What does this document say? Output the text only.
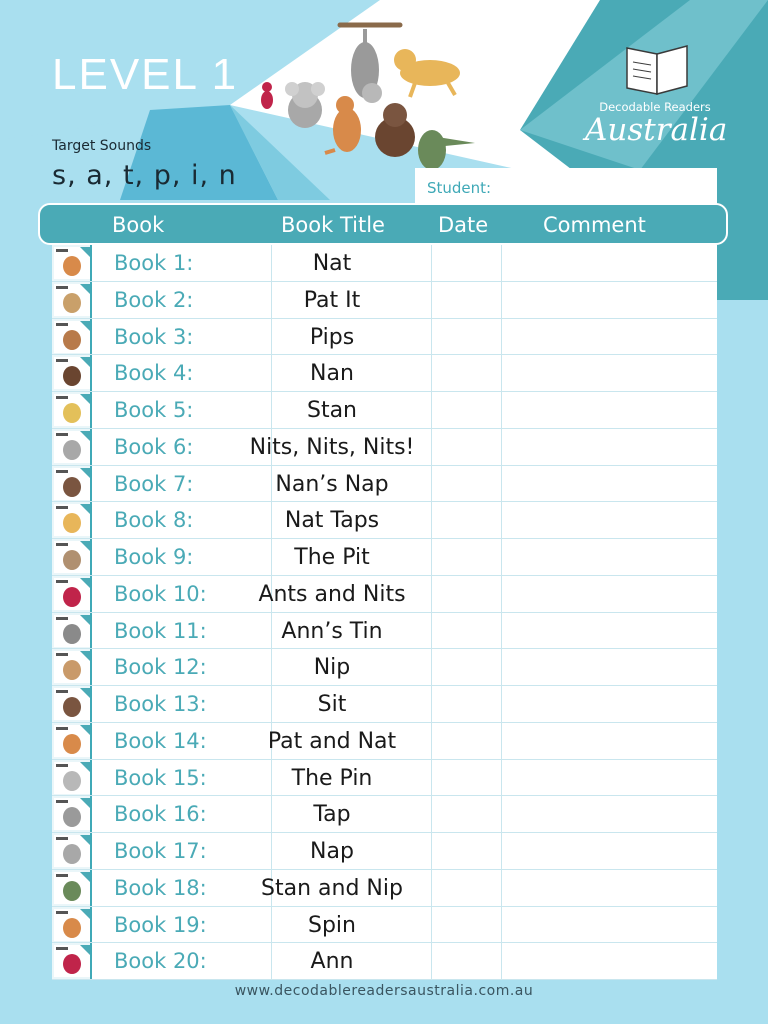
LEVEL 1
Target Sounds
s, a, t, p, i, n
Decodable Readers
Australia
Student:
Book	Book Title	Date	Comment
Book 1:	Nat
Book 2:	Pat It
Book 3:	Pips
Book 4:	Nan
Book 5:	Stan
Book 6:	Nits, Nits, Nits!
Book 7:	Nan’s Nap
Book 8:	Nat Taps
Book 9:	The Pit
Book 10:	Ants and Nits
Book 11:	Ann’s Tin
Book 12:	Nip
Book 13:	Sit
Book 14:	Pat and Nat
Book 15:	The Pin
Book 16:	Tap
Book 17:	Nap
Book 18:	Stan and Nip
Book 19:	Spin
Book 20:	Ann
www.decodablereadersaustralia.com.au
